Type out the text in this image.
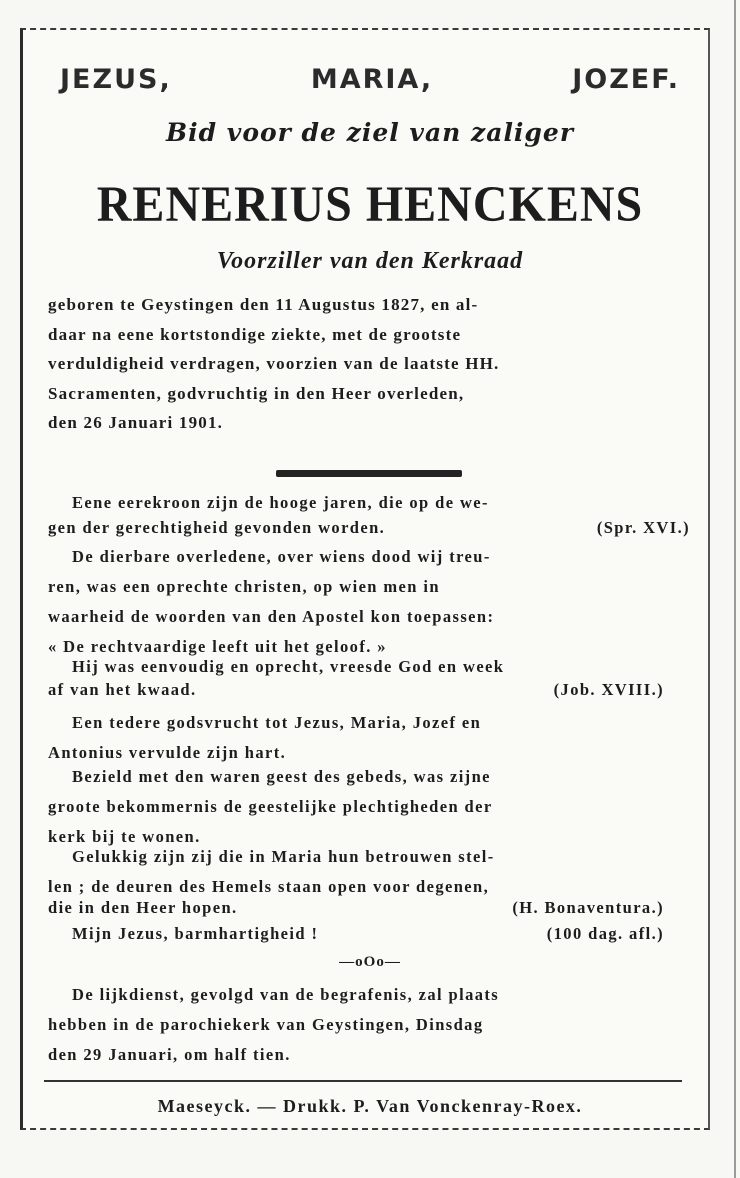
JEZUS,	MARIA,	JOZEF.
Bid voor de ziel van zaliger
RENERIUS HENCKENS
Voorziller van den Kerkraad
geboren te Geystingen den 11 Augustus 1827, en al-
daar na eene kortstondige ziekte, met de grootste
verduldigheid verdragen, voorzien van de laatste HH.
Sacramenten, godvruchtig in den Heer overleden,
den 26 Januari 1901.
Eene eerekroon zijn de hooge jaren, die op de we-
gen der gerechtigheid gevonden worden.	(Spr. XVI.)
De dierbare overledene, over wiens dood wij treu-
ren, was een oprechte christen, op wien men in
waarheid de woorden van den Apostel kon toepassen:
« De rechtvaardige leeft uit het geloof. »
Hij was eenvoudig en oprecht, vreesde God en week
af van het kwaad.	(Job. XVIII.)
Een tedere godsvrucht tot Jezus, Maria, Jozef en
Antonius vervulde zijn hart.
Bezield met den waren geest des gebeds, was zijne
groote bekommernis de geestelijke plechtigheden der
kerk bij te wonen.
Gelukkig zijn zij die in Maria hun betrouwen stel-
len ; de deuren des Hemels staan open voor degenen,
die in den Heer hopen.	(H. Bonaventura.)
Mijn Jezus, barmhartigheid !	(100 dag. afl.)
—oOo—
De lijkdienst, gevolgd van de begrafenis, zal plaats
hebben in de parochiekerk van Geystingen, Dinsdag
den 29 Januari, om half tien.
Maeseyck. — Drukk. P. Van Vonckenray-Roex.
